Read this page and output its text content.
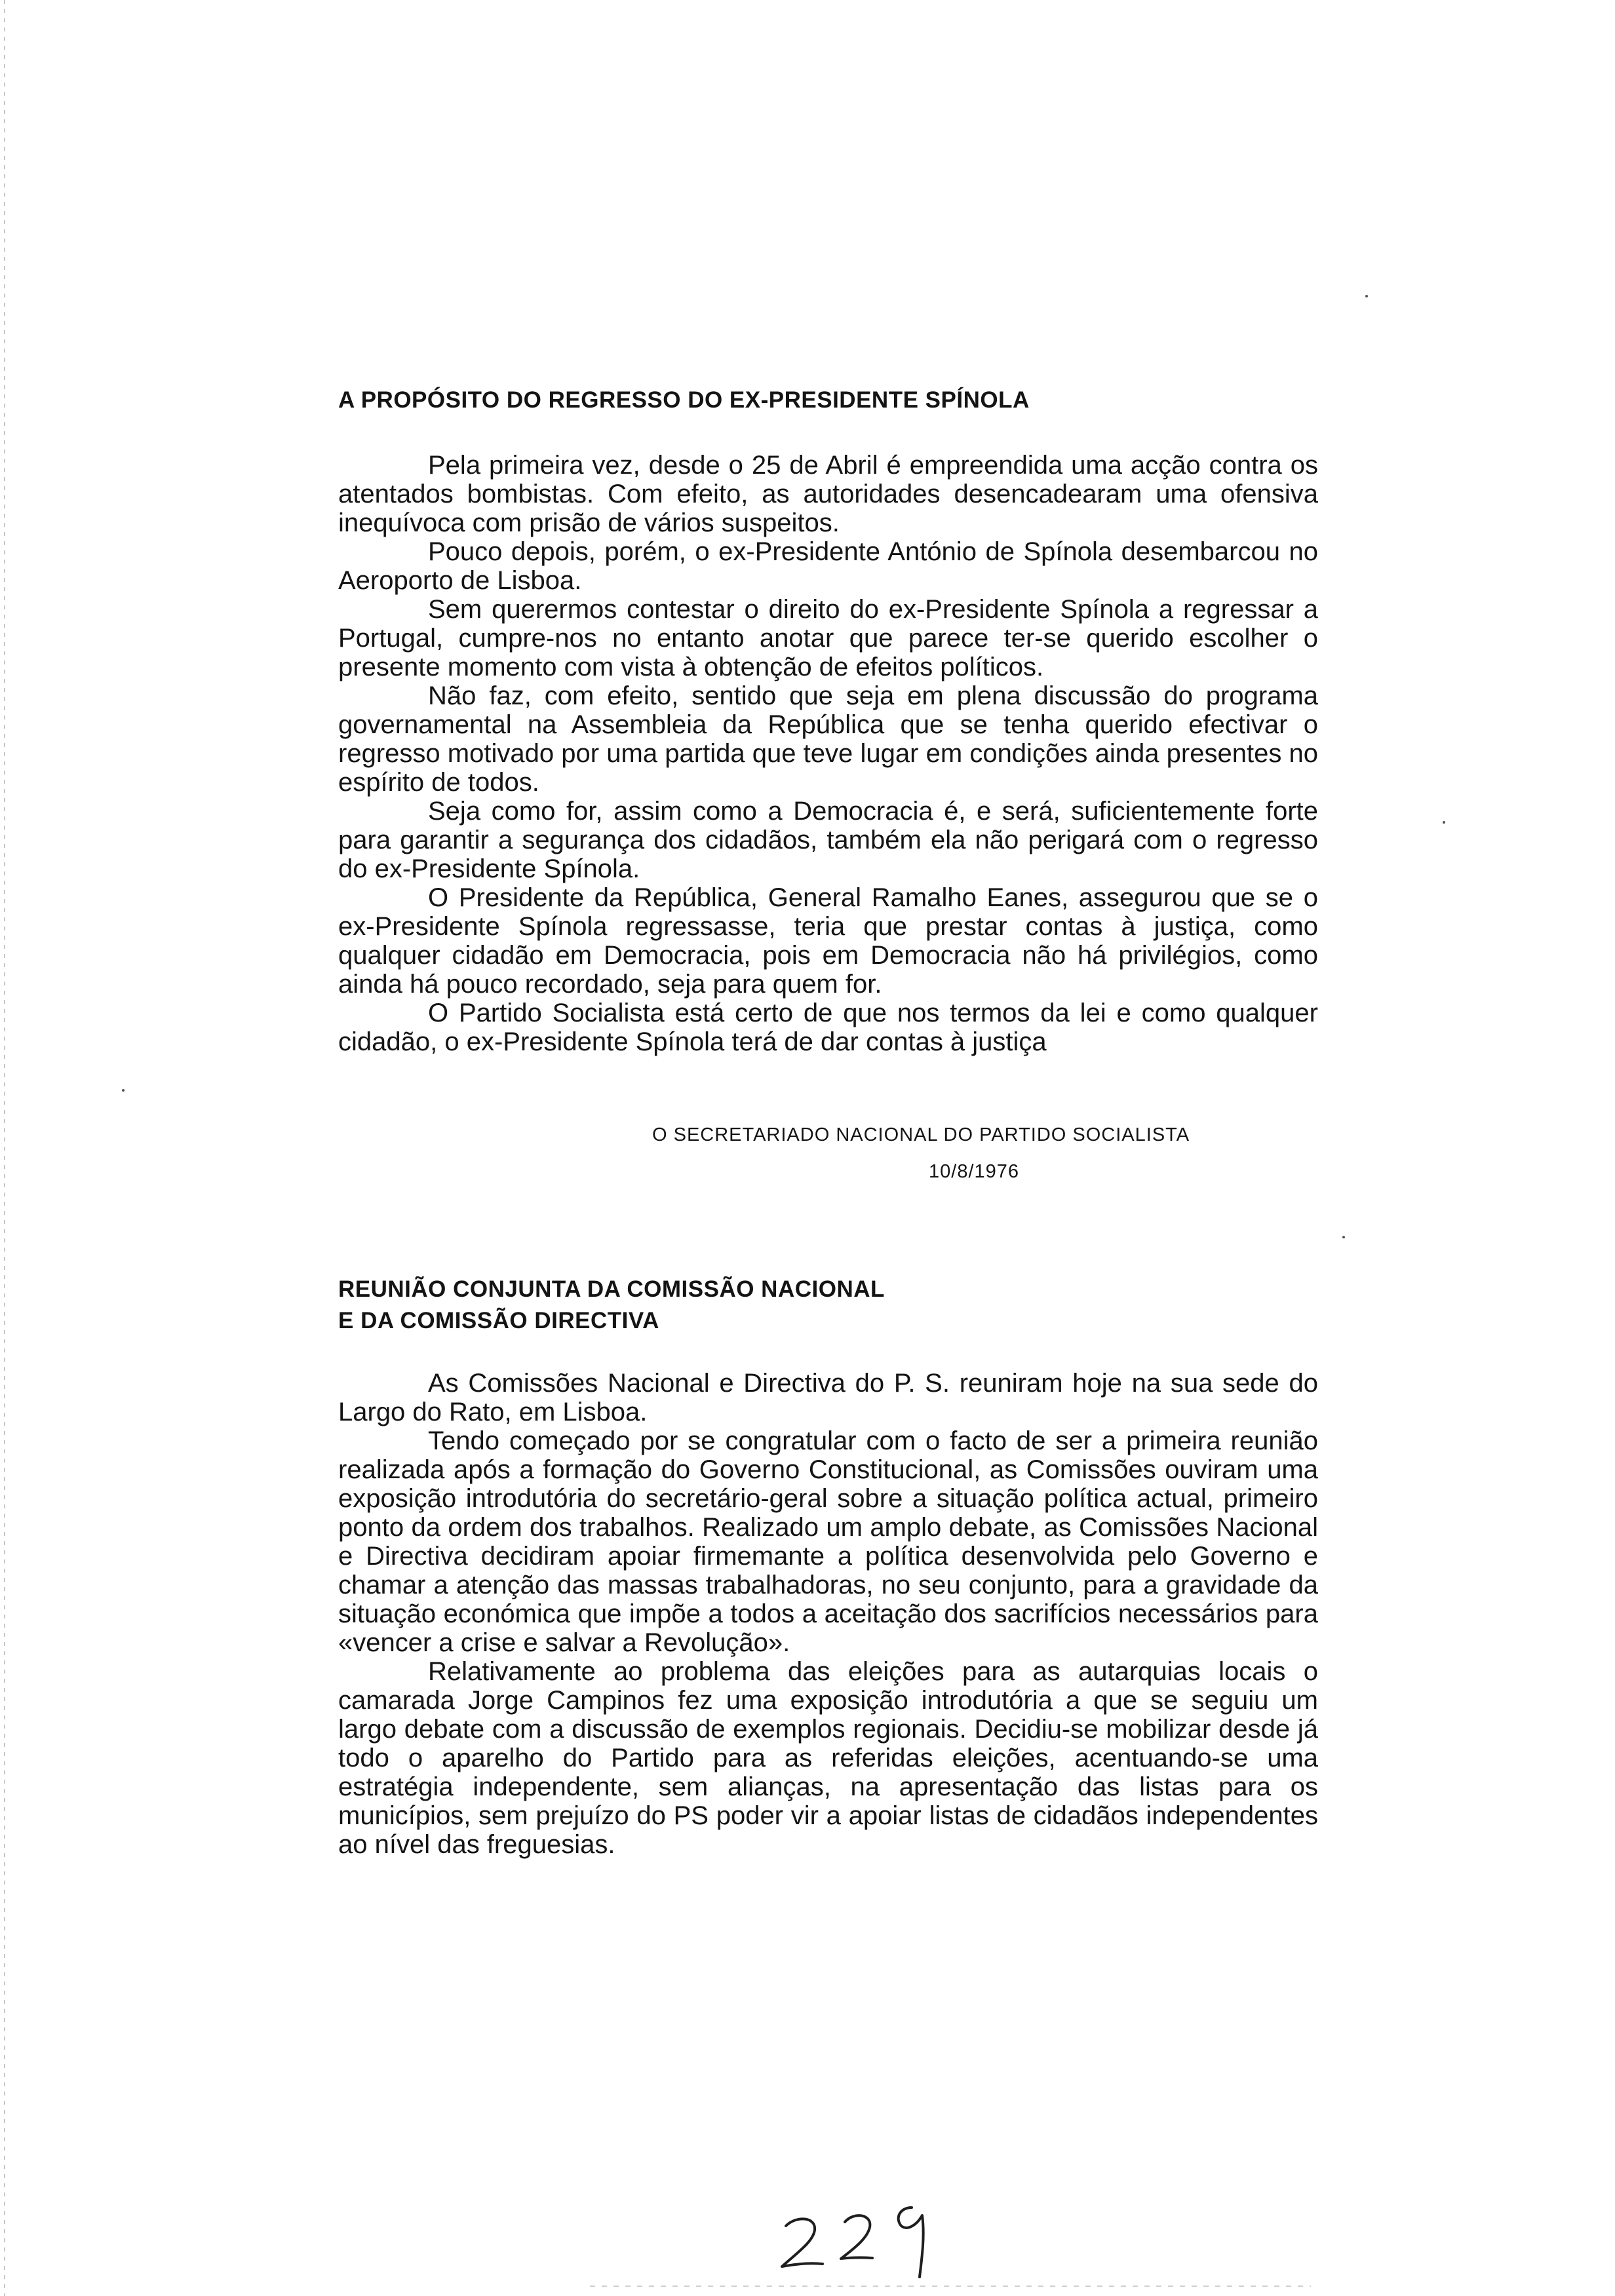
A PROPÓSITO DO REGRESSO DO EX-PRESIDENTE SPÍNOLA

Pela primeira vez, desde o 25 de Abril é empreendida uma acção contra os atentados bombistas. Com efeito, as autoridades desencadearam uma ofensiva inequívoca com prisão de vários suspeitos.

Pouco depois, porém, o ex-Presidente António de Spínola desembarcou no Aeroporto de Lisboa.

Sem querermos contestar o direito do ex-Presidente Spínola a regressar a Portugal, cumpre-nos no entanto anotar que parece ter-se querido escolher o presente momento com vista à obtenção de efeitos políticos.

Não faz, com efeito, sentido que seja em plena discussão do programa governamental na Assembleia da República que se tenha querido efectivar o regresso motivado por uma partida que teve lugar em condições ainda presentes no espírito de todos.

Seja como for, assim como a Democracia é, e será, suficientemente forte para garantir a segurança dos cidadãos, também ela não perigará com o regresso do ex-Presidente Spínola.

O Presidente da República, General Ramalho Eanes, assegurou que se o ex-Presidente Spínola regressasse, teria que prestar contas à justiça, como qualquer cidadão em Democracia, pois em Democracia não há privilégios, como ainda há pouco recordado, seja para quem for.

O Partido Socialista está certo de que nos termos da lei e como qualquer cidadão, o ex-Presidente Spínola terá de dar contas à justiça

O SECRETARIADO NACIONAL DO PARTIDO SOCIALISTA
10/8/1976
REUNIÃO CONJUNTA DA COMISSÃO NACIONAL
E DA COMISSÃO DIRECTIVA

As Comissões Nacional e Directiva do P. S. reuniram hoje na sua sede do Largo do Rato, em Lisboa.

Tendo começado por se congratular com o facto de ser a primeira reunião realizada após a formação do Governo Constitucional, as Comissões ouviram uma exposição introdutória do secretário-geral sobre a situação política actual, primeiro ponto da ordem dos trabalhos. Realizado um amplo debate, as Comissões Nacional e Directiva decidiram apoiar firmemante a política desenvolvida pelo Governo e chamar a atenção das massas trabalhadoras, no seu conjunto, para a gravidade da situação económica que impõe a todos a aceitação dos sacrifícios necessários para «vencer a crise e salvar a Revolução».

Relativamente ao problema das eleições para as autarquias locais o camarada Jorge Campinos fez uma exposição introdutória a que se seguiu um largo debate com a discussão de exemplos regionais. Decidiu-se mobilizar desde já todo o aparelho do Partido para as referidas eleições, acentuando-se uma estratégia independente, sem alianças, na apresentação das listas para os municípios, sem prejuízo do PS poder vir a apoiar listas de cidadãos independentes ao nível das freguesias.
